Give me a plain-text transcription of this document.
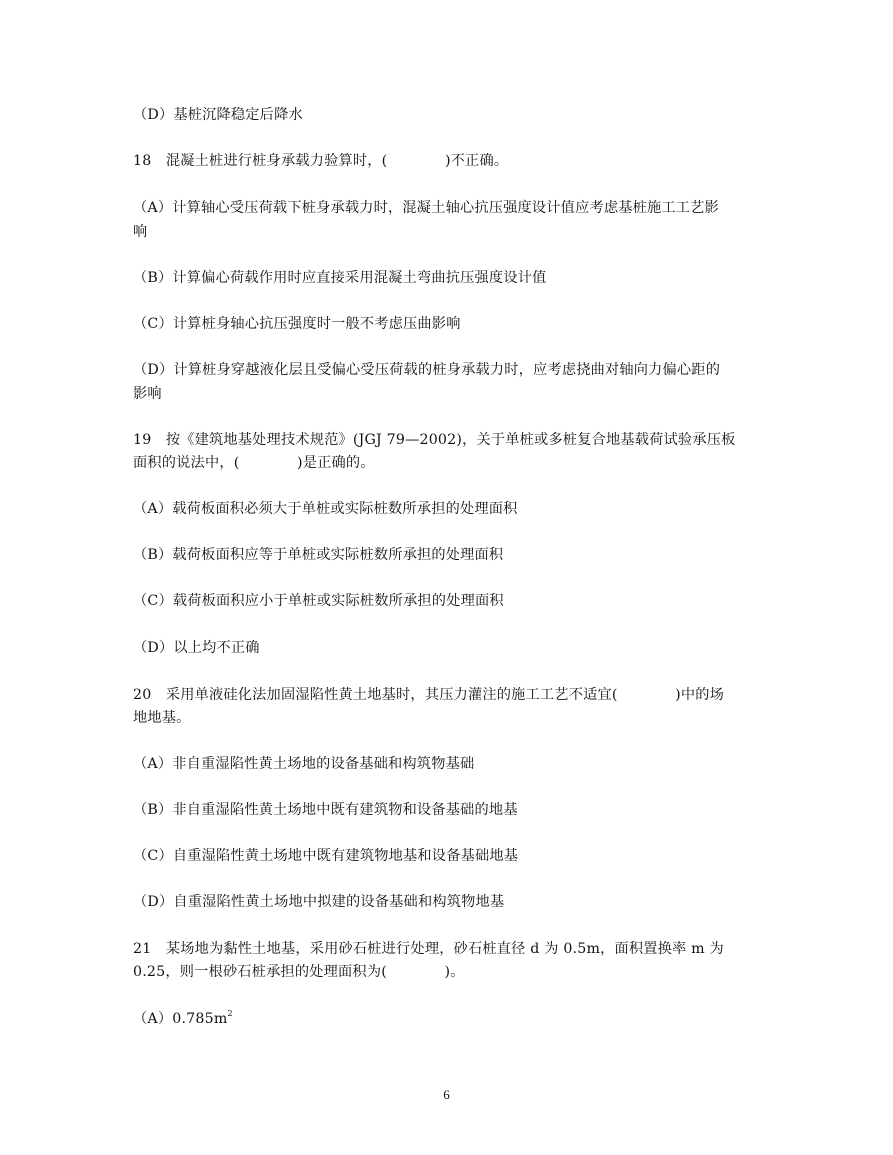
（D）基桩沉降稳定后降水
18　混凝土桩进行桩身承载力验算时，(　　　　)不正确。
（A）计算轴心受压荷载下桩身承载力时，混凝土轴心抗压强度设计值应考虑基桩施工工艺影
响
（B）计算偏心荷载作用时应直接采用混凝土弯曲抗压强度设计值
（C）计算桩身轴心抗压强度时一般不考虑压曲影响
（D）计算桩身穿越液化层且受偏心受压荷载的桩身承载力时，应考虑挠曲对轴向力偏心距的
影响
19　按《建筑地基处理技术规范》(JGJ 79—2002)，关于单桩或多桩复合地基载荷试验承压板
面积的说法中，(　　　　)是正确的。
（A）载荷板面积必须大于单桩或实际桩数所承担的处理面积
（B）载荷板面积应等于单桩或实际桩数所承担的处理面积
（C）载荷板面积应小于单桩或实际桩数所承担的处理面积
（D）以上均不正确
20　采用单液硅化法加固湿陷性黄土地基时，其压力灌注的施工工艺不适宜(　　　　)中的场
地地基。
（A）非自重湿陷性黄土场地的设备基础和构筑物基础
（B）非自重湿陷性黄土场地中既有建筑物和设备基础的地基
（C）自重湿陷性黄土场地中既有建筑物地基和设备基础地基
（D）自重湿陷性黄土场地中拟建的设备基础和构筑物地基
21　某场地为黏性土地基，采用砂石桩进行处理，砂石桩直径 d 为 0.5m，面积置换率 m 为
0.25，则一根砂石桩承担的处理面积为(　　　　)。
$(A)0.785m^2$
6
